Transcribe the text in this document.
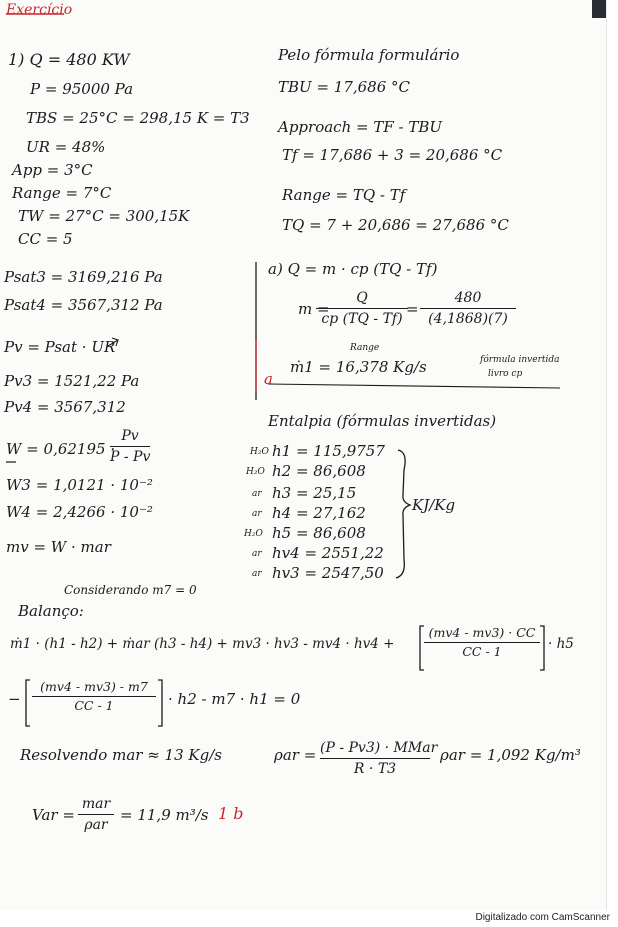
Exercício
1) Q = 480 KW
P = 95000 Pa
TBS = 25°C = 298,15 K = T3
UR = 48%
App = 3°C
Range = 7°C
TW = 27°C = 300,15K
CC = 5
Psat3 = 3169,216 Pa
Psat4 = 3567,312 Pa
Pv = Psat · UR
Pv3 = 1521,22 Pa
Pv4 = 3567,312
W = 0,62195 ·
Pv
P - Pv
W3 = 1,0121 · 10⁻²
W4 = 2,4266 · 10⁻²
mv = W · mar
Pelo fórmula formulário
TBU = 17,686 °C
Approach = TF - TBU
Tf = 17,686 + 3 = 20,686 °C
Range = TQ - Tf
TQ = 7 + 20,686 = 27,686 °C
a) Q = m · cp (TQ - Tf)
m =
Q
cp (TQ - Tf)
=
480
(4,1868)(7)
Range
a
ṁ1 = 16,378 Kg/s	fórmula invertida
livro cp
Entalpia (fórmulas invertidas)
H₂O h1 = 115,9757
H₂O h2 = 86,608
ar h3 = 25,15
ar h4 = 27,162
H₂O h5 = 86,608
ar hv4 = 2551,22
ar hv3 = 2547,50
KJ/Kg
Considerando m7 = 0
Balanço:
ṁ1 · (h1 - h2) + ṁar (h3 - h4) + mv3 · hv3 - mv4 · hv4 +
(mv4 - mv3) · CC
CC - 1	· h5
−
(mv4 - mv3) - m7
CC - 1	· h2 - m7 · h1 = 0
Resolvendo mar ≈ 13 Kg/s	ρar = (P - Pv3) · MMar
R · T3
ρar = 1,092 Kg/m³
Var =
mar
ρar
= 11,9 m³/s 1 b
Digitalizado com CamScanner
